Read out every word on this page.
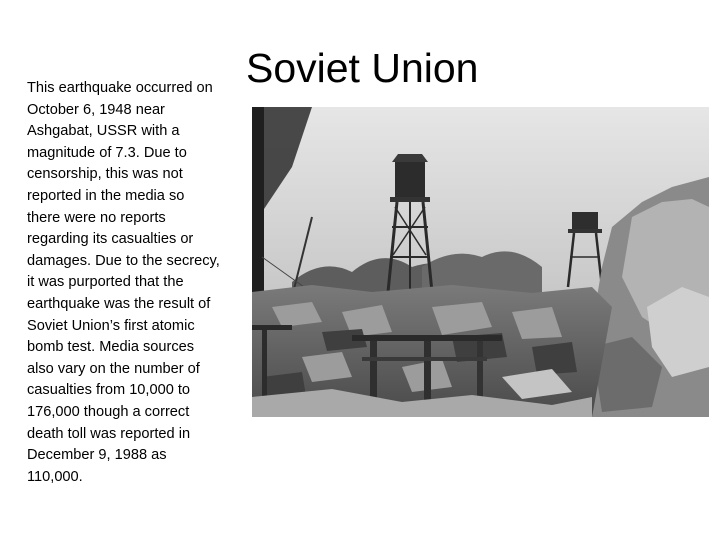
Soviet Union
This earthquake occurred on
October 6, 1948 near
Ashgabat, USSR with a
magnitude of 7.3. Due to
censorship, this was not
reported in the media so
there were no reports
regarding its casualties or
damages. Due to the secrecy,
it was purported that the
earthquake was the result of
Soviet Union’s first atomic
bomb test. Media sources
also vary on the number of
casualties from 10,000 to
176,000 though a correct
death toll was reported in
December 9, 1988 as
110,000.
